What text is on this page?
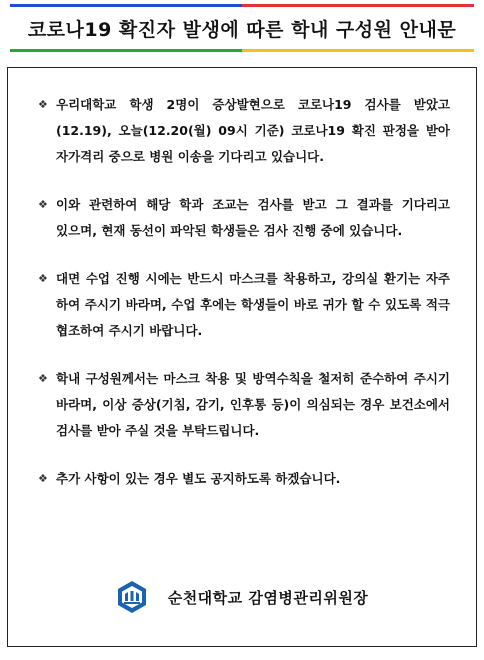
코로나19 확진자 발생에 따른 학내 구성원 안내문
❖ 우리대학교 학생 2명이 증상발현으로 코로나19 검사를 받았고 (12.19), 오늘(12.20(월) 09시 기준) 코로나19 확진 판정을 받아 자가격리 중으로 병원 이송을 기다리고 있습니다.
❖ 이와 관련하여 해당 학과 조교는 검사를 받고 그 결과를 기다리고 있으며, 현재 동선이 파악된 학생들은 검사 진행 중에 있습니다.
❖ 대면 수업 진행 시에는 반드시 마스크를 착용하고, 강의실 환기는 자주 하여 주시기 바라며, 수업 후에는 학생들이 바로 귀가 할 수 있도록 적극 협조하여 주시기 바랍니다.
❖ 학내 구성원께서는 마스크 착용 및 방역수칙을 철저히 준수하여 주시기 바라며, 이상 증상(기침, 감기, 인후통 등)이 의심되는 경우 보건소에서 검사를 받아 주실 것을 부탁드립니다.
❖ 추가 사항이 있는 경우 별도 공지하도록 하겠습니다.
순천대학교 감염병관리위원장
